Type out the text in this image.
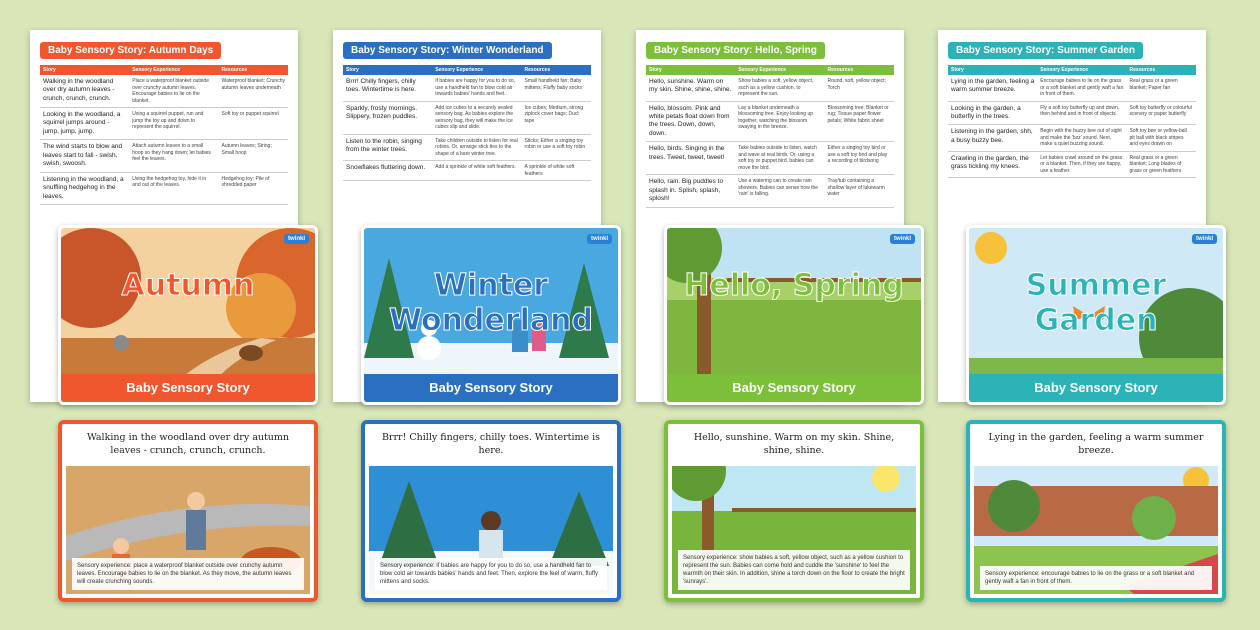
Baby Sensory Story: Autumn Days
Story	Sensory Experience	Resources
Walking in the woodland over dry autumn leaves - crunch, crunch, crunch.	Place a waterproof blanket outside over crunchy autumn leaves. Encourage babies to lie on the blanket.	Waterproof blanket; Crunchy autumn leaves underneath
Looking in the woodland, a squirrel jumps around - jump, jump, jump.	Using a squirrel puppet, run and jump the toy up and down to represent the squirrel.	Soft toy or puppet squirrel
The wind starts to blow and leaves start to fall - swish, swish, swoosh.	Attach autumn leaves to a small hoop so they hang down; let babies feel the leaves.	Autumn leaves; String; Small hoop
Listening in the woodland, a snuffling hedgehog in the leaves.	Using the hedgehog toy, hide it in and out of the leaves.	Hedgehog toy; Pile of shredded paper
twinkl
Autumn
Baby Sensory Story
Walking in the woodland over dry autumn leaves - crunch, crunch, crunch.
Sensory experience: place a waterproof blanket outside over crunchy autumn leaves. Encourage babies to lie on the blanket. As they move, the autumn leaves will create crunching sounds.
Baby Sensory Story: Winter Wonderland
Story	Sensory Experience	Resources
Brrr! Chilly fingers, chilly toes. Wintertime is here.	If babies are happy for you to do so, use a handheld fan to blow cold air towards babies' hands and feet.	Small handheld fan; Baby mittens; Fluffy baby socks
Sparkly, frosty mornings. Slippery, frozen puddles.	Add ice cubes to a securely sealed sensory bag. As babies explore the sensory bag, they will make the ice cubes slip and slide.	Ice cubes; Medium, strong ziplock cover bags; Duct tape
Listen to the robin, singing from the winter trees.	Take children outside to listen for real robins. Or, arrange stick ties to the shape of a bare winter tree.	Sticks; Either a singing toy robin or use a soft toy robin
Snowflakes fluttering down.	Add a sprinkle of white soft feathers.	A sprinkle of white soft feathers
twinkl
Winter Wonderland
Baby Sensory Story
Brrr! Chilly fingers, chilly toes. Wintertime is here.
Sensory experience: if babies are happy for you to do so, use a handheld fan to blow cold air towards babies' hands and feet. Then, explore the feel of warm, fluffy mittens and socks.
Baby Sensory Story: Hello, Spring
Story	Sensory Experience	Resources
Hello, sunshine. Warm on my skin. Shine, shine, shine.	Show babies a soft, yellow object, such as a yellow cushion, to represent the sun.	Round, soft, yellow object; Torch
Hello, blossom. Pink and white petals float down from the trees. Down, down, down.	Lay a blanket underneath a blossoming tree. Enjoy looking up together, watching the blossom swaying in the breeze.	Blossoming tree; Blanket or rug; Tissue paper flower petals; White fabric sheet
Hello, birds. Singing in the trees. Tweet, tweet, tweet!	Take babies outside to listen, watch and wave at real birds. Or, using a soft toy or puppet bird, babies can move the bird.	Either a singing toy bird or use a soft toy bird and play a recording of birdsong
Hello, rain. Big puddles to splash in. Splish, splash, splosh!	Use a watering can to create rain showers. Babies can sense how the 'rain' is falling.	Tray/tub containing a shallow layer of lukewarm water
twinkl
Hello, Spring
Baby Sensory Story
Hello, sunshine. Warm on my skin. Shine, shine, shine.
Sensory experience: show babies a soft, yellow object, such as a yellow cushion to represent the sun. Babies can come hold and cuddle the 'sunshine' to feel the warmth on their skin. In addition, shine a torch down on the floor to create the bright 'sunrays'.
Baby Sensory Story: Summer Garden
Story	Sensory Experience	Resources
Lying in the garden, feeling a warm summer breeze.	Encourage babies to lie on the grass or a soft blanket and gently waft a fan in front of them.	Real grass or a green blanket; Paper fan
Looking in the garden, a butterfly in the trees.	Fly a soft toy butterfly up and down, then behind and in front of objects.	Soft toy butterfly or colourful scenery or paper butterfly
Listening in the garden, shh, a busy buzzy bee.	Begin with the buzzy bee out of sight and make the 'bzz' sound. Next, make a quiet buzzing sound.	Soft toy bee or yellow-ball pit ball with black stripes and eyes drawn on
Crawling in the garden, the grass tickling my knees.	Let babies crawl around on the grass or a blanket. Then, if they are happy, use a feather.	Real grass or a green blanket; Long blades of grass or green feathers
twinkl
Summer Garden
Baby Sensory Story
Lying in the garden, feeling a warm summer breeze.
Sensory experience: encourage babies to lie on the grass or a soft blanket and gently waft a fan in front of them.
